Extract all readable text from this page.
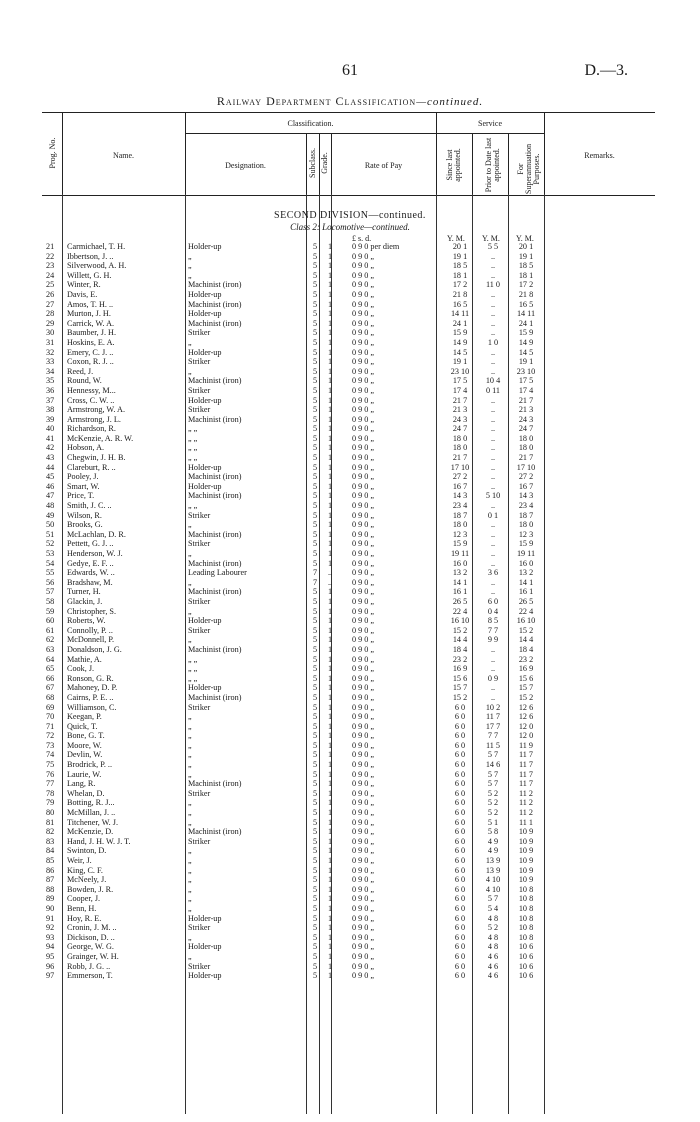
61	D.—3.
Railway Department Classification—continued.
Prog. No.	Name.
Classification.
Designation.	Subclass. Grade.	Rate of Pay
Service
Since last appointed.	Prior to Date last appointed. For Superannuation Purposes.	Remarks.
SECOND DIVISION—continued.
Class 2: Locomotive—continued.
£ s. d.	Y. M. Y. M. Y. M.
21	Carmichael, T. H.	Holder-up	5	1	0 9 0 per diem	20 1	5 5	20 1
22	Ibbertson, J. ..	„	5	1	0 9 0 „	19 1	..	19 1
23	Silverwood, A. H.	„	5	1	0 9 0 „	18 5	..	18 5
24	Willett, G. H.	„	5	1	0 9 0 „	18 1	..	18 1
25	Winter, R.	Machinist (iron)	5	1	0 9 0 „	17 2	11 0	17 2
26	Davis, E.	Holder-up	5	1	0 9 0 „	21 8	..	21 8
27	Amos, T. H. ..	Machinist (iron)	5	1	0 9 0 „	16 5	..	16 5
28	Murton, J. H.	Holder-up	5	1	0 9 0 „	14 11	..	14 11
29	Carrick, W. A.	Machinist (iron)	5	1	0 9 0 „	24 1	..	24 1
30	Baumber, J. H.	Striker	5	1	0 9 0 „	15 9	..	15 9
31	Hoskins, E. A.	„	5	1	0 9 0 „	14 9	1 0	14 9
32	Emery, C. J. ..	Holder-up	5	1	0 9 0 „	14 5	..	14 5
33	Coxon, R. J. ..	Striker	5	1	0 9 0 „	19 1	..	19 1
34	Reed, J.	„	5	1	0 9 0 „	23 10	..	23 10
35	Round, W.	Machinist (iron)	5	1	0 9 0 „	17 5	10 4	17 5
36	Hennessy, M...	Striker	5	1	0 9 0 „	17 4	0 11	17 4
37	Cross, C. W. ..	Holder-up	5	1	0 9 0 „	21 7	..	21 7
38	Armstrong, W. A.	Striker	5	1	0 9 0 „	21 3	..	21 3
39	Armstrong, J. L.	Machinist (iron)	5	1	0 9 0 „	24 3	..	24 3
40	Richardson, R.	„ „	5	1	0 9 0 „	24 7	..	24 7
41	McKenzie, A. R. W.	„ „	5	1	0 9 0 „	18 0	..	18 0
42	Hobson, A.	„ „	5	1	0 9 0 „	18 0	..	18 0
43	Chegwin, J. H. B.	„ „	5	1	0 9 0 „	21 7	..	21 7
44	Clareburt, R. ..	Holder-up	5	1	0 9 0 „	17 10	..	17 10
45	Pooley, J.	Machinist (iron)	5	1	0 9 0 „	27 2	..	27 2
46	Smart, W.	Holder-up	5	1	0 9 0 „	16 7	..	16 7
47	Price, T.	Machinist (iron)	5	1	0 9 0 „	14 3	5 10	14 3
48	Smith, J. C. ..	„ „	5	1	0 9 0 „	23 4	..	23 4
49	Wilson, R.	Striker	5	1	0 9 0 „	18 7	0 1	18 7
50	Brooks, G.	„	5	1	0 9 0 „	18 0	..	18 0
51	McLachlan, D. R.	Machinist (iron)	5	1	0 9 0 „	12 3	..	12 3
52	Pettett, G. J. ..	Striker	5	1	0 9 0 „	15 9	..	15 9
53	Henderson, W. J.	„	5	1	0 9 0 „	19 11	..	19 11
54	Gedye, E. F. ..	Machinist (iron)	5	1	0 9 0 „	16 0	..	16 0
55	Edwards, W. ..	Leading Labourer	7	..	0 9 0 „	13 2	3 6	13 2
56	Bradshaw, M.	„	7	..	0 9 0 „	14 1	..	14 1
57	Turner, H.	Machinist (iron)	5	1	0 9 0 „	16 1	..	16 1
58	Glackin, J.	Striker	5	1	0 9 0 „	26 5	6 0	26 5
59	Christopher, S.	„	5	1	0 9 0 „	22 4	0 4	22 4
60	Roberts, W.	Holder-up	5	1	0 9 0 „	16 10	8 5	16 10
61	Connolly, P. ..	Striker	5	1	0 9 0 „	15 2	7 7	15 2
62	McDonnell, P.	„	5	1	0 9 0 „	14 4	9 9	14 4
63	Donaldson, J. G.	Machinist (iron)	5	1	0 9 0 „	18 4	..	18 4
64	Mathie, A.	„ „	5	1	0 9 0 „	23 2	..	23 2
65	Cook, J.	„ „	5	1	0 9 0 „	16 9	..	16 9
66	Ronson, G. R.	„ „	5	1	0 9 0 „	15 6	0 9	15 6
67	Mahoney, D. P.	Holder-up	5	1	0 9 0 „	15 7	..	15 7
68	Cairns, P. E. ..	Machinist (iron)	5	1	0 9 0 „	15 2	..	15 2
69	Williamson, C.	Striker	5	1	0 9 0 „	6 0	10 2	12 6
70	Keegan, P.	„	5	1	0 9 0 „	6 0	11 7	12 6
71	Quick, T.	„	5	1	0 9 0 „	6 0	17 7	12 0
72	Bone, G. T.	„	5	1	0 9 0 „	6 0	7 7	12 0
73	Moore, W.	„	5	1	0 9 0 „	6 0	11 5	11 9
74	Devlin, W.	„	5	1	0 9 0 „	6 0	5 7	11 7
75	Brodrick, P. ..	„	5	1	0 9 0 „	6 0	14 6	11 7
76	Laurie, W.	„	5	1	0 9 0 „	6 0	5 7	11 7
77	Lang, R.	Machinist (iron)	5	1	0 9 0 „	6 0	5 7	11 7
78	Whelan, D.	Striker	5	1	0 9 0 „	6 0	5 2	11 2
79	Botting, R. J...	„	5	1	0 9 0 „	6 0	5 2	11 2
80	McMillan, J. ..	„	5	1	0 9 0 „	6 0	5 2	11 2
81	Titchener, W. J.	„	5	1	0 9 0 „	6 0	5 1	11 1
82	McKenzie, D.	Machinist (iron)	5	1	0 9 0 „	6 0	5 8	10 9
83	Hand, J. H. W. J. T.	Striker	5	1	0 9 0 „	6 0	4 9	10 9
84	Swinton, D.	„	5	1	0 9 0 „	6 0	4 9	10 9
85	Weir, J.	„	5	1	0 9 0 „	6 0	13 9	10 9
86	King, C. F.	„	5	1	0 9 0 „	6 0	13 9	10 9
87	McNeely, J.	„	5	1	0 9 0 „	6 0	4 10	10 9
88	Bowden, J. R.	„	5	1	0 9 0 „	6 0	4 10	10 8
89	Cooper, J.	„	5	1	0 9 0 „	6 0	5 7	10 8
90	Benn, H.	„	5	1	0 9 0 „	6 0	5 4	10 8
91	Hoy, R. E.	Holder-up	5	1	0 9 0 „	6 0	4 8	10 8
92	Cronin, J. M. ..	Striker	5	1	0 9 0 „	6 0	5 2	10 8
93	Dickison, D. ..	„	5	1	0 9 0 „	6 0	4 8	10 8
94	George, W. G.	Holder-up	5	1	0 9 0 „	6 0	4 8	10 6
95	Grainger, W. H.	„	5	1	0 9 0 „	6 0	4 6	10 6
96	Robb, J. G. ..	Striker	5	1	0 9 0 „	6 0	4 6	10 6
97	Emmerson, T.	Holder-up	5	1	0 9 0 „	6 0	4 6	10 6
